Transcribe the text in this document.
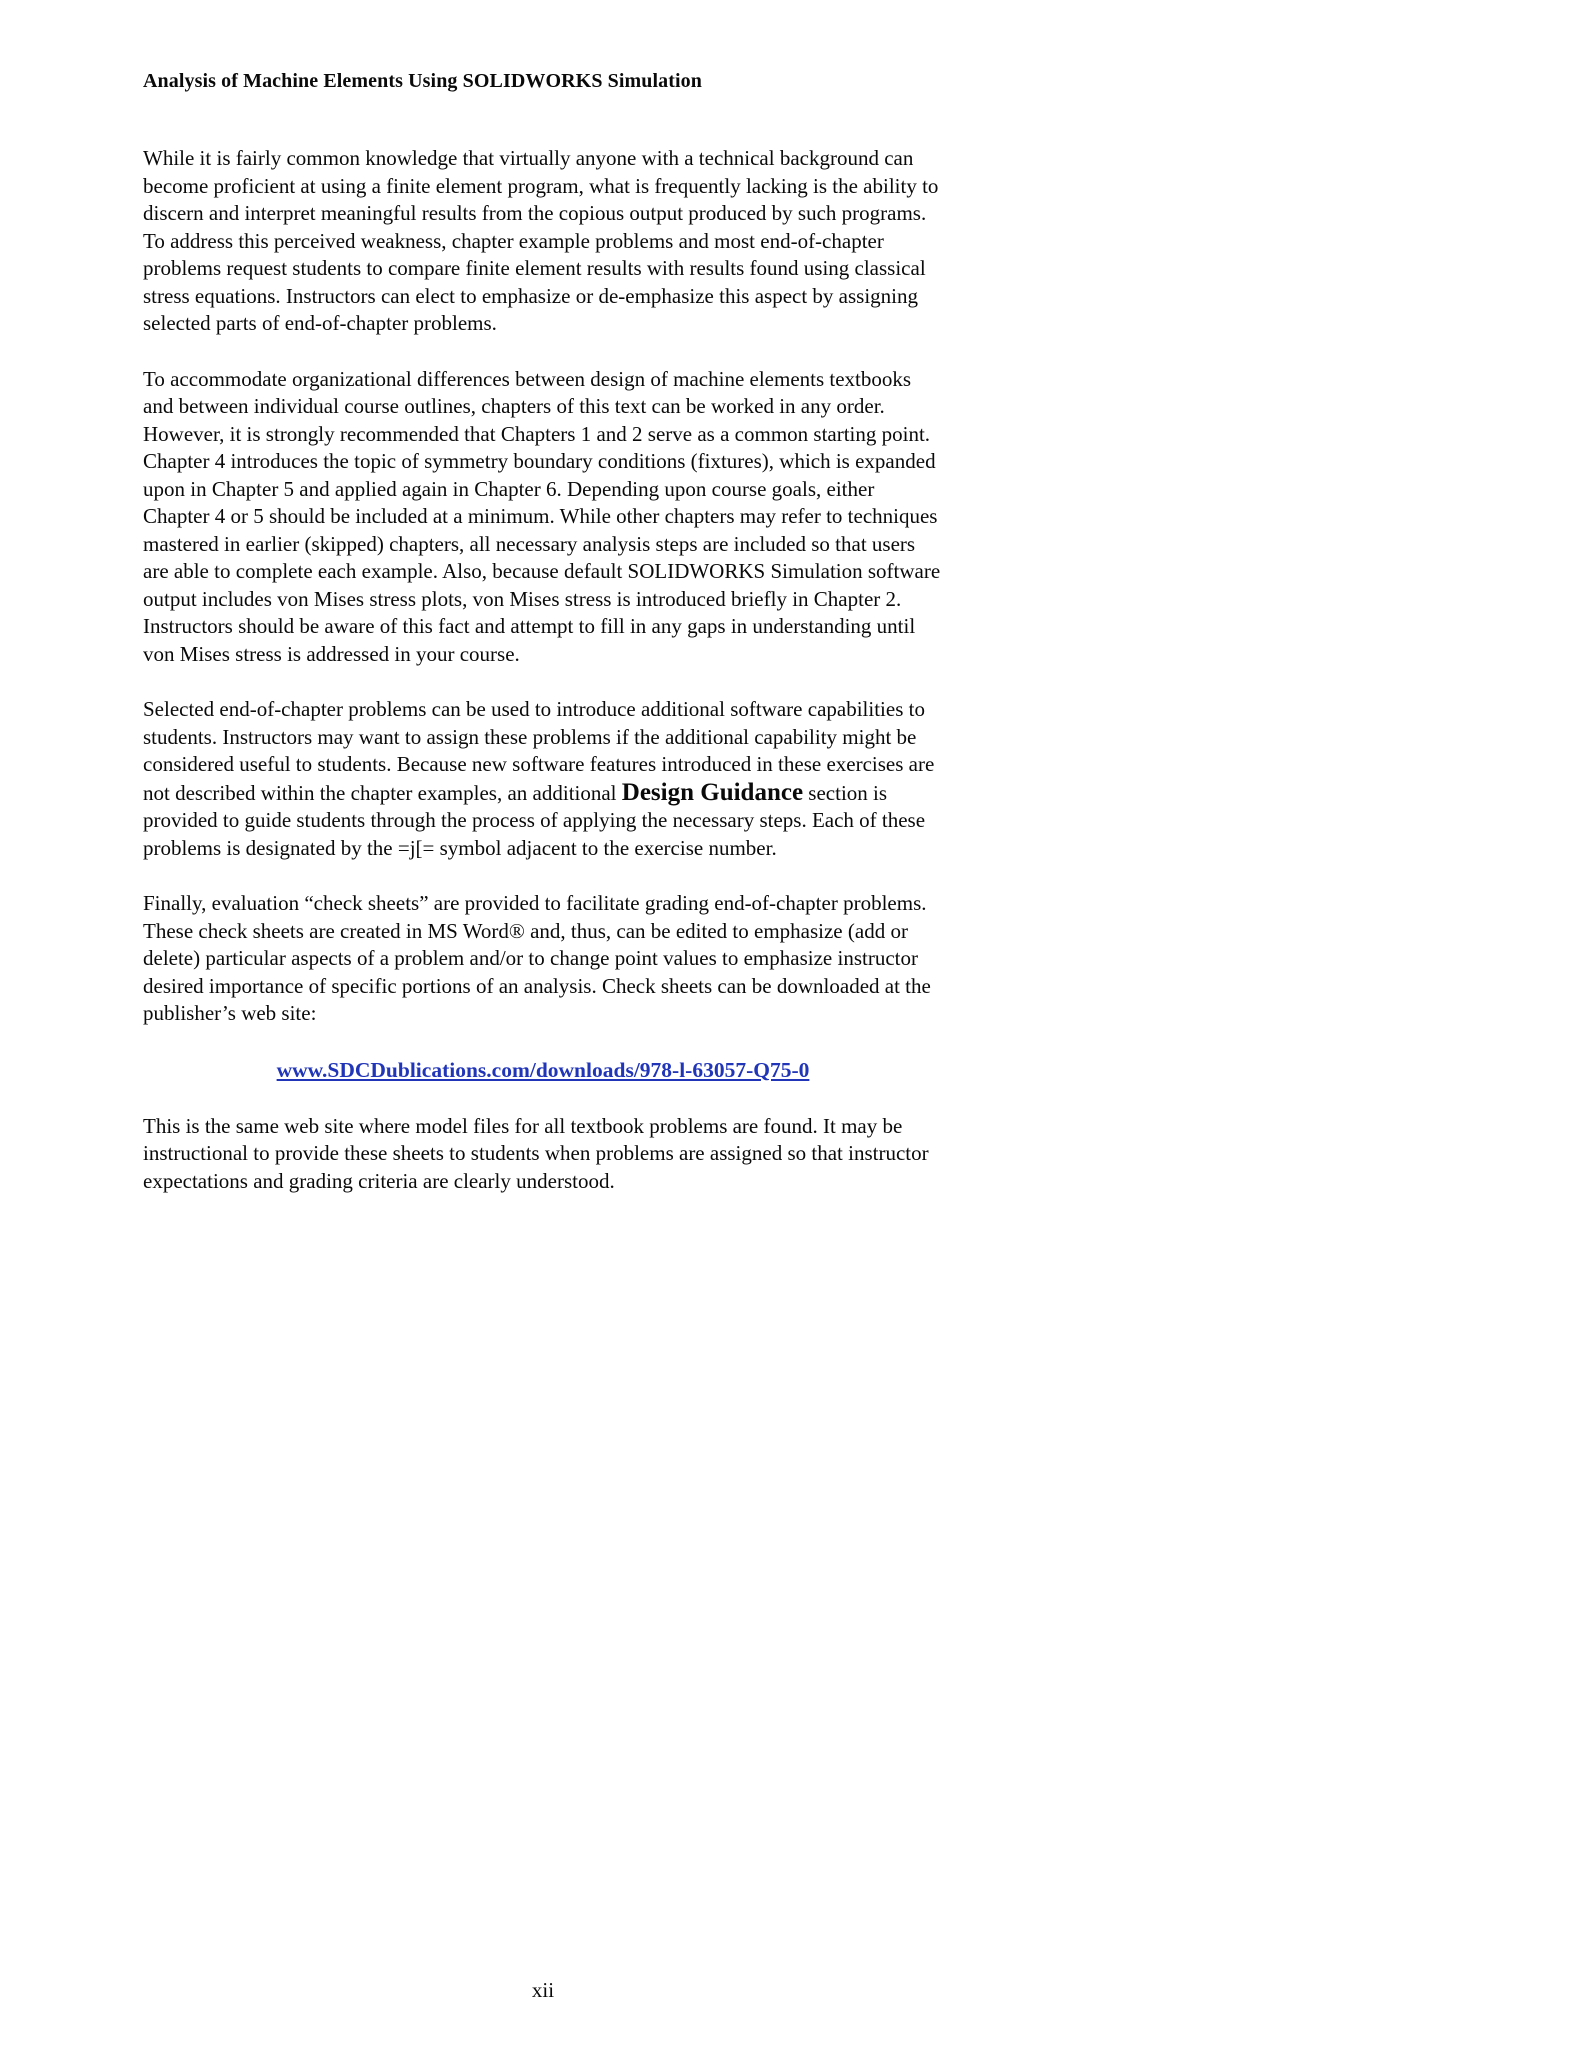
Analysis of Machine Elements Using SOLIDWORKS Simulation

While it is fairly common knowledge that virtually anyone with a technical background can become proficient at using a finite element program, what is frequently lacking is the ability to discern and interpret meaningful results from the copious output produced by such programs. To address this perceived weakness, chapter example problems and most end-of-chapter problems request students to compare finite element results with results found using classical stress equations. Instructors can elect to emphasize or de-emphasize this aspect by assigning selected parts of end-of-chapter problems.

To accommodate organizational differences between design of machine elements textbooks and between individual course outlines, chapters of this text can be worked in any order. However, it is strongly recommended that Chapters 1 and 2 serve as a common starting point. Chapter 4 introduces the topic of symmetry boundary conditions (fixtures), which is expanded upon in Chapter 5 and applied again in Chapter 6. Depending upon course goals, either Chapter 4 or 5 should be included at a minimum. While other chapters may refer to techniques mastered in earlier (skipped) chapters, all necessary analysis steps are included so that users are able to complete each example. Also, because default SOLIDWORKS Simulation software output includes von Mises stress plots, von Mises stress is introduced briefly in Chapter 2. Instructors should be aware of this fact and attempt to fill in any gaps in understanding until von Mises stress is addressed in your course.

Selected end-of-chapter problems can be used to introduce additional software capabilities to students. Instructors may want to assign these problems if the additional capability might be considered useful to students. Because new software features introduced in these exercises are not described within the chapter examples, an additional Design Guidance section is provided to guide students through the process of applying the necessary steps. Each of these problems is designated by the =j[= symbol adjacent to the exercise number.

Finally, evaluation “check sheets” are provided to facilitate grading end-of-chapter problems. These check sheets are created in MS Word® and, thus, can be edited to emphasize (add or delete) particular aspects of a problem and/or to change point values to emphasize instructor desired importance of specific portions of an analysis. Check sheets can be downloaded at the publisher’s web site:

www.SDCDublications.com/downloads/978-l-63057-Q75-0

This is the same web site where model files for all textbook problems are found. It may be instructional to provide these sheets to students when problems are assigned so that instructor expectations and grading criteria are clearly understood.

xii
